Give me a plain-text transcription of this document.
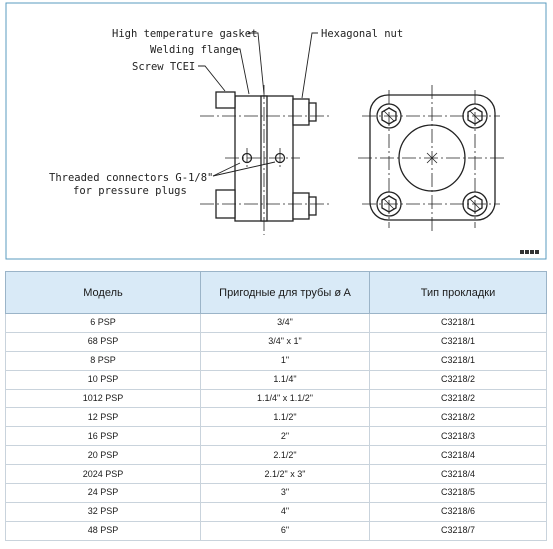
High temperature gasket
Welding flange
Screw TCEI
Hexagonal nut
Threaded connectors G-1/8"
for pressure plugs
Модель	Пригодные для трубы ø A	Тип прокладки
6 PSP	3/4"	C3218/1
68 PSP	3/4" x 1"	C3218/1
8 PSP	1"	C3218/1
10 PSP	1.1/4"	C3218/2
1012 PSP	1.1/4" x 1.1/2"	C3218/2
12 PSP	1.1/2"	C3218/2
16 PSP	2"	C3218/3
20 PSP	2.1/2"	C3218/4
2024 PSP	2.1/2" x 3"	C3218/4
24 PSP	3"	C3218/5
32 PSP	4"	C3218/6
48 PSP	6"	C3218/7
